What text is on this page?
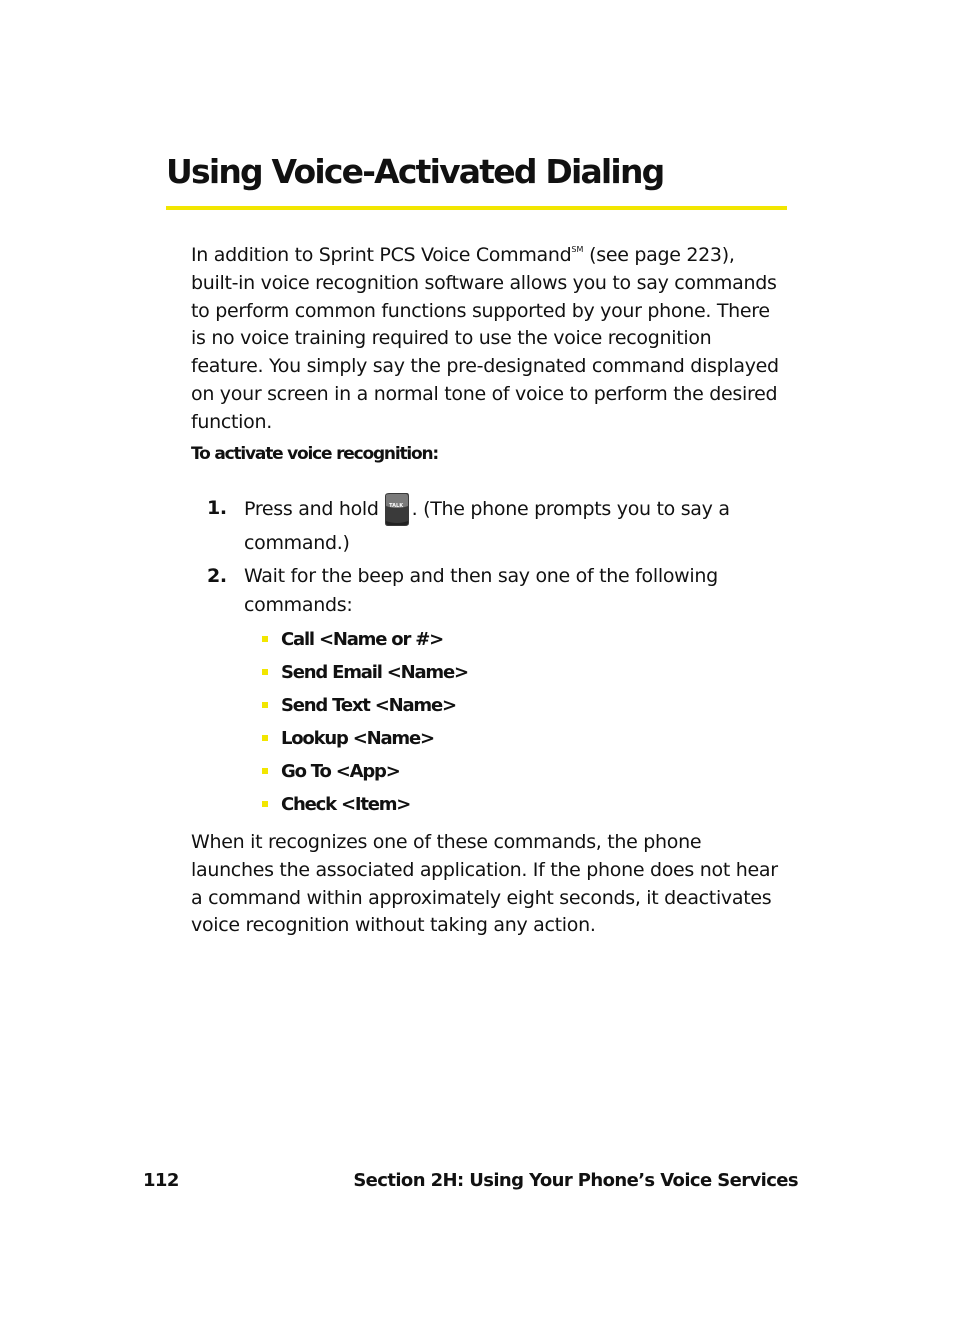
Using Voice-Activated Dialing

In addition to Sprint PCS Voice Command℠ (see page 223), built-in voice recognition software allows you to say commands to perform common functions supported by your phone. There is no voice training required to use the voice recognition feature. You simply say the pre-designated command displayed on your screen in a normal tone of voice to perform the desired function.

To activate voice recognition:
1. Press and hold	TALK . (The phone prompts you to say a command.)
2. Wait for the beep and then say one of the following commands:
Call <Name or #>
Send Email <Name>
Send Text <Name>
Lookup <Name>
Go To <App>
Check <Item>

When it recognizes one of these commands, the phone launches the associated application. If the phone does not hear a command within approximately eight seconds, it deactivates voice recognition without taking any action.

112	Section 2H: Using Your Phone’s Voice Services
